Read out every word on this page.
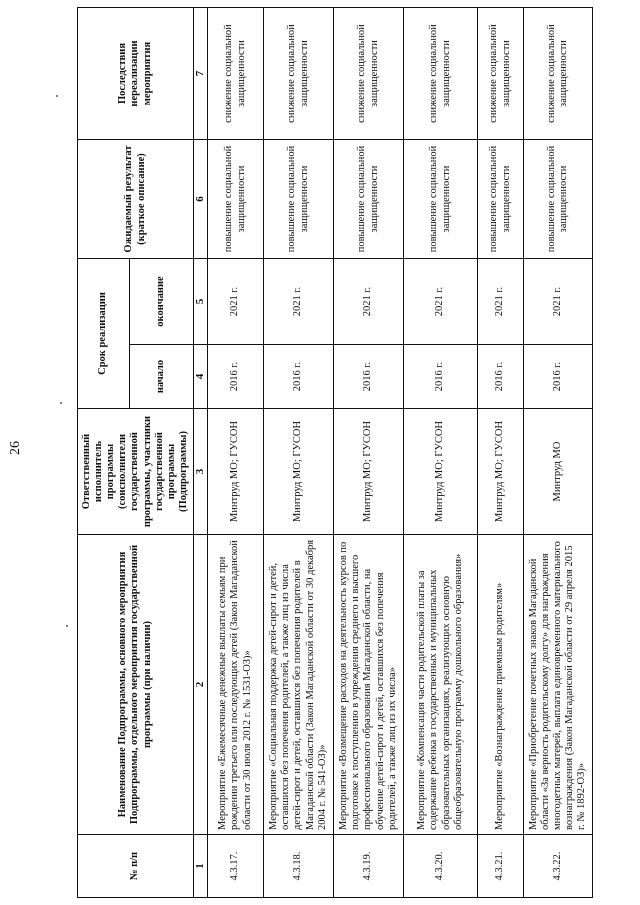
26
№ п/п	Наименование Подпрограммы, основного мероприятия Подпрограммы, отдельного мероприятия государственной программы (при наличии)	Ответственный исполнитель программы (соисполнители государственной программы, участники государственной программы (Подпрограммы)	Срок реализации		Ожидаемый результат (краткое описание)	Последствия нереализации мероприятия
			начало	окончание		
1	2	3	4	5	6	7
4.3.17.	Мероприятие «Ежемесячные денежные выплаты семьям при рождении третьего или последующих детей (Закон Магаданской области от 30 июля 2012 г. № 1531-ОЗ)»	Минтруд МО; ГУСОН	2016 г.	2021 г.	повышение социальной защищенности	снижение социальной защищенности
4.3.18.	Мероприятие «Социальная поддержка детей-сирот и детей, оставшихся без попечения родителей, а также лиц из числа детей-сирот и детей, оставшихся без попечения родителей в Магаданской области (Закон Магаданской области от 30 декабря 2004 г. № 541-ОЗ)»	Минтруд МО; ГУСОН	2016 г.	2021 г.	повышение социальной защищенности	снижение социальной защищенности
4.3.19.	Мероприятие «Возмещение расходов на деятельность курсов по подготовке к поступлению в учреждения среднего и высшего профессионального образования Магаданской области, на обучение детей-сирот и детей, оставшихся без попечения родителей, а также лиц из их числа»	Минтруд МО; ГУСОН	2016 г.	2021 г.	повышение социальной защищенности	снижение социальной защищенности
4.3.20.	Мероприятие «Компенсация части родительской платы за содержание ребенка в государственных и муниципальных образовательных организациях, реализующих основную общеобразовательную программу дошкольного образования»	Минтруд МО; ГУСОН	2016 г.	2021 г.	повышение социальной защищенности	снижение социальной защищенности
4.3.21.	Мероприятие «Вознаграждение приемным родителям»	Минтруд МО; ГУСОН	2016 г.	2021 г.	повышение социальной защищенности	снижение социальной защищенности
4.3.22.	Мероприятие «Приобретение почетных знаков Магаданской области «За верность родительскому долгу» для награждения многодетных матерей, выплата единовременного материального вознаграждения (Закон Магаданской области от 29 апреля 2015 г. № 1892-ОЗ)»	Минтруд МО	2016 г.	2021 г.	повышение социальной защищенности	снижение социальной защищенности
